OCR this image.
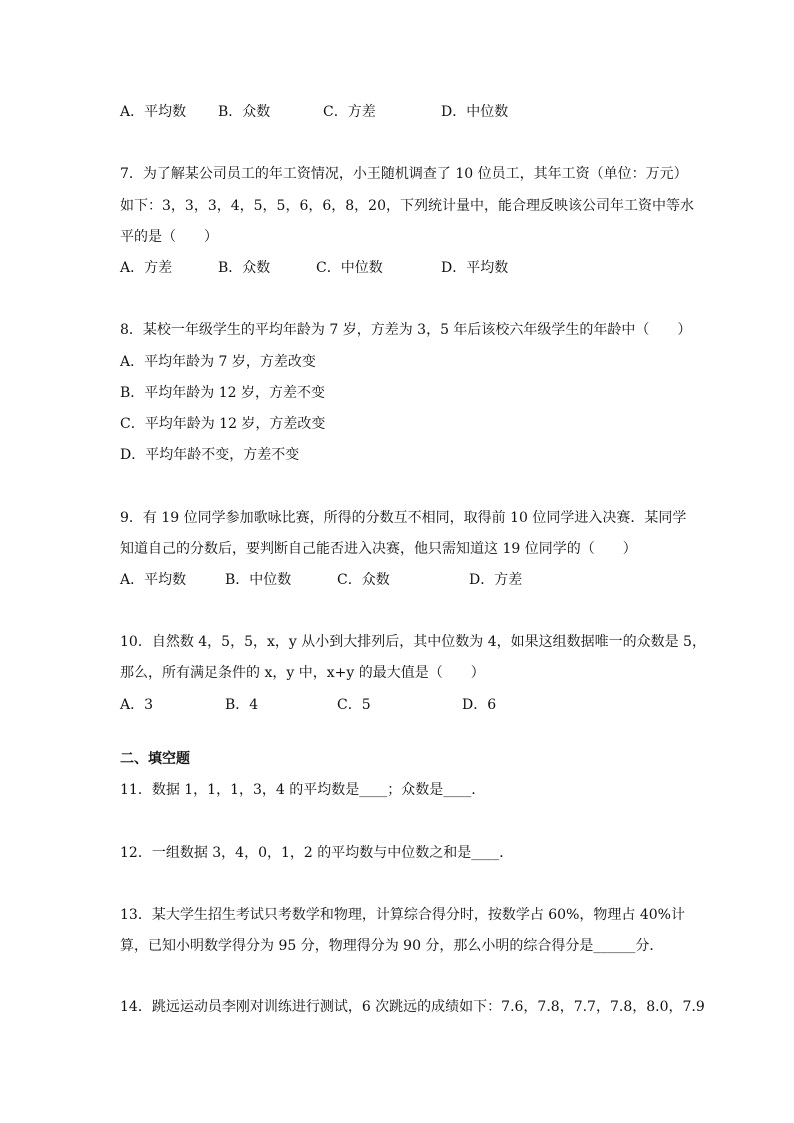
A．平均数 B．众数	C．方差	D．中位数
7．为了解某公司员工的年工资情况，小王随机调查了 10 位员工，其年工资（单位：万元）
如下：3，3，3，4，5，5，6，6，8，20，下列统计量中，能合理反映该公司年工资中等水
平的是（　　）
A．方差	B．众数	C．中位数	D．平均数
8．某校一年级学生的平均年龄为 7 岁，方差为 3，5 年后该校六年级学生的年龄中（　　）
A．平均年龄为 7 岁，方差改变
B．平均年龄为 12 岁，方差不变
C．平均年龄为 12 岁，方差改变
D．平均年龄不变，方差不变
9．有 19 位同学参加歌咏比赛，所得的分数互不相同，取得前 10 位同学进入决赛．某同学
知道自己的分数后，要判断自己能否进入决赛，他只需知道这 19 位同学的（　　）
A．平均数	B．中位数	C．众数	D．方差
10．自然数 4，5，5，x，y 从小到大排列后，其中位数为 4，如果这组数据唯一的众数是 5，
那么，所有满足条件的 x，y 中，x+y 的最大值是（　　）
A．3	B．4	C．5	D．6
二、填空题
11．数据 1，1，1，3，4 的平均数是____；众数是____.
12．一组数据 3，4，0，1，2 的平均数与中位数之和是____．
13．某大学生招生考试只考数学和物理，计算综合得分时，按数学占 60%，物理占 40%计
算，已知小明数学得分为 95 分，物理得分为 90 分，那么小明的综合得分是______分．
14．跳远运动员李刚对训练进行测试，6 次跳远的成绩如下：7.6，7.8，7.7，7.8，8.0，7.9
